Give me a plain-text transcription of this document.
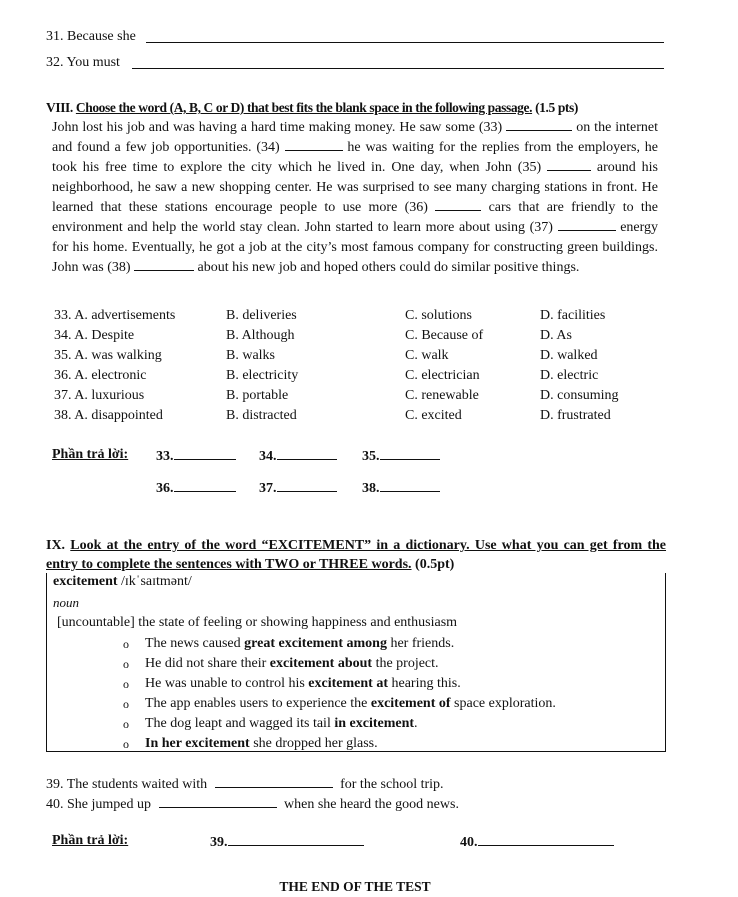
31. Because she
32. You must
VIII. Choose the word (A, B, C or D) that best fits the blank space in the following passage. (1.5 pts)

John lost his job and was having a hard time making money. He saw some (33)	on the internet and found a few job opportunities. (34)	he was waiting for the replies from the employers, he took his free time to explore the city which he lived in. One day, when John (35)	around his neighborhood, he saw a new shopping center. He was surprised to see many charging stations in front. He learned that these stations encourage people to use more (36)	cars that are friendly to the environment and help the world stay clean. John started to learn more about using (37)	energy for his home. Eventually, he got a job at the city’s most famous company for constructing green buildings. John was (38)	about his new job and hoped others could do similar positive things.

33. A. advertisements	B. deliveries	C. solutions	D. facilities
34. A. Despite	B. Although	C. Because of	D. As
35. A. was walking	B. walks	C. walk	D. walked
36. A. electronic	B. electricity	C. electrician	D. electric
37. A. luxurious	B. portable	C. renewable	D. consuming
38. A. disappointed	B. distracted	C. excited	D. frustrated
Phần trả lời: 33.	34.	35.
36.	37.	38.
IX. Look at the entry of the word “EXCITEMENT” in a dictionary. Use what you can get from the entry to complete the sentences with TWO or THREE words. (0.5pt)
excitement /ɪkˈsaɪtmənt/
noun
[uncountable] the state of feeling or showing happiness and enthusiasm
o The news caused great excitement among her friends.
o He did not share their excitement about the project.
o He was unable to control his excitement at hearing this.
o The app enables users to experience the excitement of space exploration.
o The dog leapt and wagged its tail in excitement.
o In her excitement she dropped her glass.
39. The students waited with	for the school trip.
40. She jumped up	when she heard the good news.
Phần trả lời:	39.	40.
THE END OF THE TEST
